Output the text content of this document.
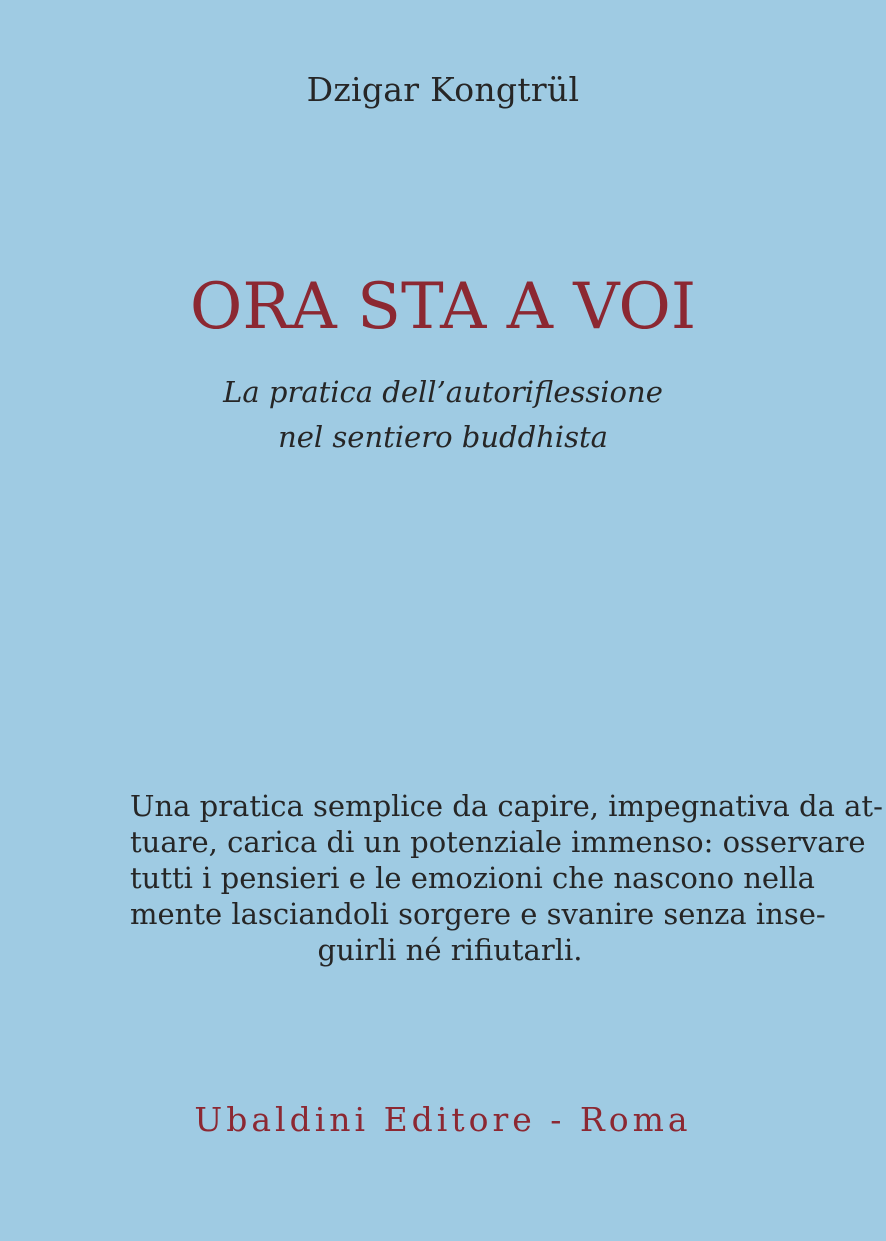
Dzigar Kongtrül
ORA STA A VOI
La pratica dell’autoriflessione
nel sentiero buddhista
Una pratica semplice da capire, impegnativa da at-
tuare, carica di un potenziale immenso: osservare
tutti i pensieri e le emozioni che nascono nella
mente lasciandoli sorgere e svanire senza inse-
guirli né rifiutarli.
Ubaldini Editore - Roma
